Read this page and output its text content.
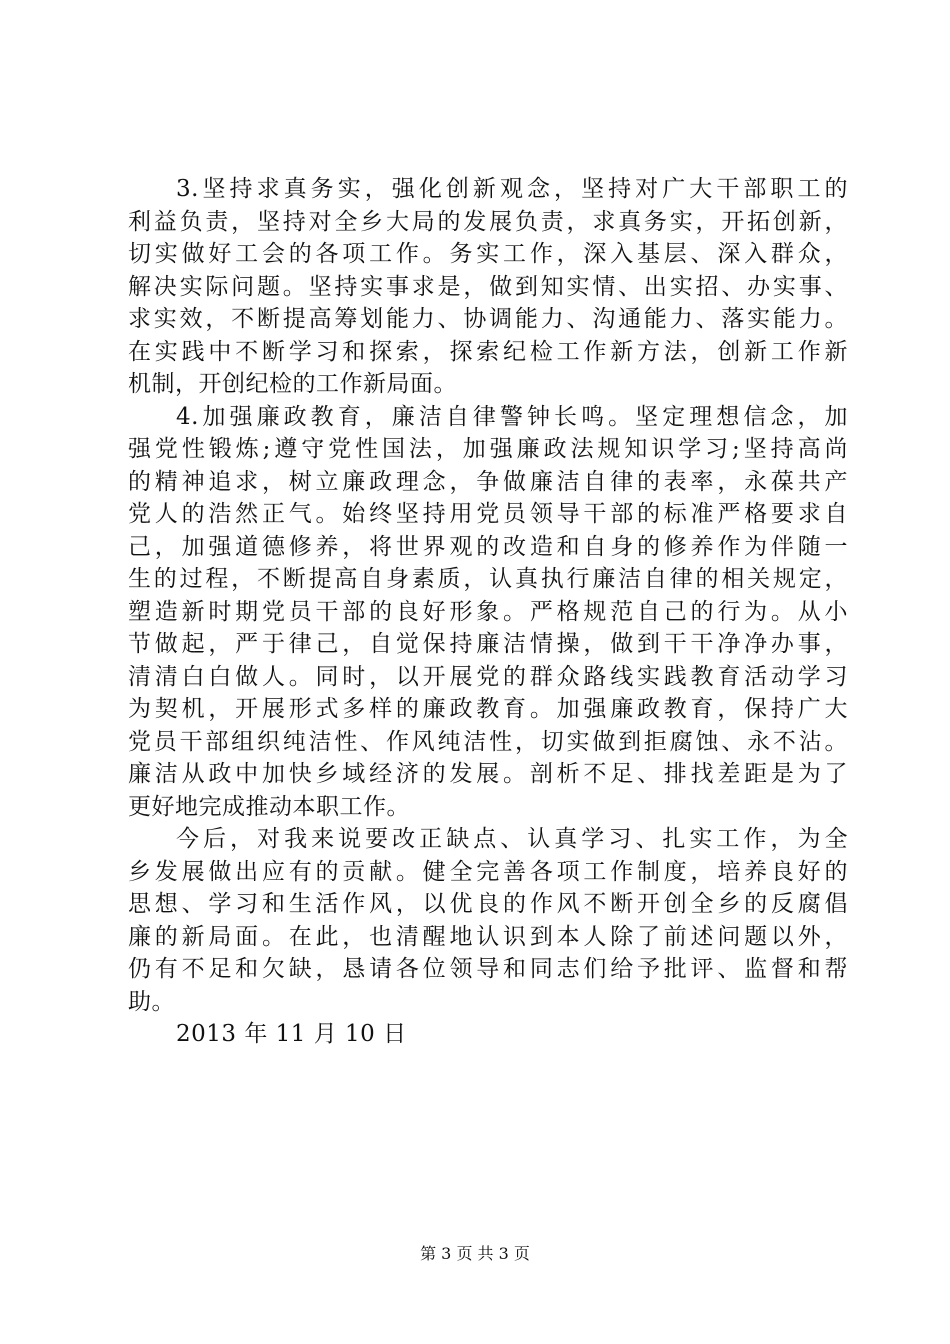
3.坚持求真务实，强化创新观念，坚持对广大干部职工的
利益负责，坚持对全乡大局的发展负责，求真务实，开拓创新，
切实做好工会的各项工作。务实工作，深入基层、深入群众，
解决实际问题。坚持实事求是，做到知实情、出实招、办实事、
求实效，不断提高筹划能力、协调能力、沟通能力、落实能力。
在实践中不断学习和探索，探索纪检工作新方法，创新工作新
机制，开创纪检的工作新局面。
4.加强廉政教育，廉洁自律警钟长鸣。坚定理想信念，加
强党性锻炼;遵守党性国法，加强廉政法规知识学习;坚持高尚
的精神追求，树立廉政理念，争做廉洁自律的表率，永葆共产
党人的浩然正气。始终坚持用党员领导干部的标准严格要求自
己，加强道德修养，将世界观的改造和自身的修养作为伴随一
生的过程，不断提高自身素质，认真执行廉洁自律的相关规定，
塑造新时期党员干部的良好形象。严格规范自己的行为。从小
节做起，严于律己，自觉保持廉洁情操，做到干干净净办事，
清清白白做人。同时，以开展党的群众路线实践教育活动学习
为契机，开展形式多样的廉政教育。加强廉政教育，保持广大
党员干部组织纯洁性、作风纯洁性，切实做到拒腐蚀、永不沾。
廉洁从政中加快乡域经济的发展。剖析不足、排找差距是为了
更好地完成推动本职工作。
今后，对我来说要改正缺点、认真学习、扎实工作，为全
乡发展做出应有的贡献。健全完善各项工作制度，培养良好的
思想、学习和生活作风，以优良的作风不断开创全乡的反腐倡
廉的新局面。在此，也清醒地认识到本人除了前述问题以外，
仍有不足和欠缺，恳请各位领导和同志们给予批评、监督和帮
助。
2013 年 11 月 10 日
第 3 页 共 3 页
